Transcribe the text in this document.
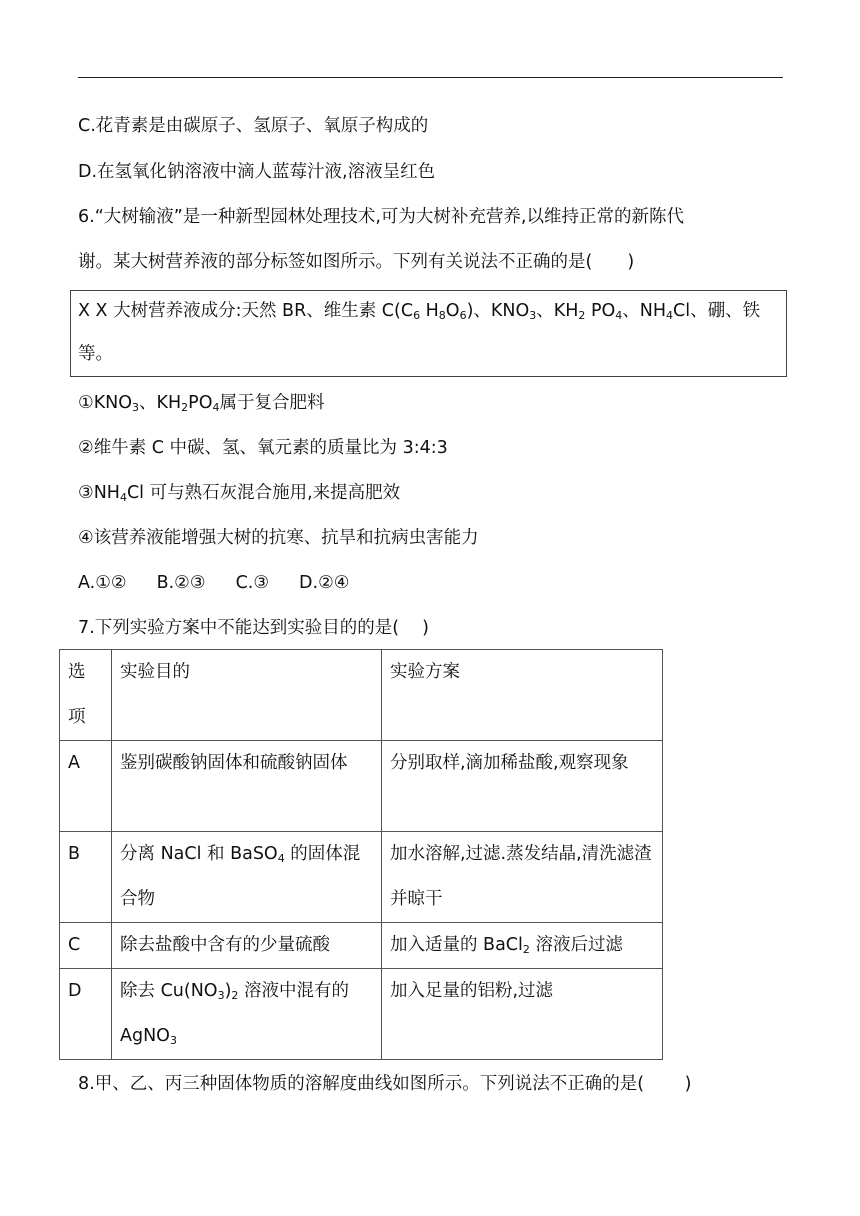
C.花青素是由碳原子、氢原子、氧原子构成的
D.在氢氧化钠溶液中滴人蓝莓汁液,溶液呈红色
6.“大树输液”是一种新型园林处理技术,可为大树补充营养,以维持正常的新陈代
谢。某大树营养液的部分标签如图所示。下列有关说法不正确的是(　　)
X X 大树营养液成分:天然 BR、维生素 $C(C_6$ $H_8O_6$)、$KNO_3$、$KH_2$ $PO_4$、$NH_4Cl$、硼、铁
等。
$①KNO_3$、$KH_2PO_4$属于复合肥料
②维牛素 C 中碳、氢、氧元素的质量比为 3:4:3
$③NH_4Cl$ 可与熟石灰混合施用,来提高肥效
④该营养液能增强大树的抗寒、抗旱和抗病虫害能力
A.①② B.②③ C.③ D.②④
7.下列实验方案中不能达到实验目的的是(　 )
选项	实验目的	实验方案
A	鉴别碳酸钠固体和硫酸钠固体	分别取样,滴加稀盐酸,观察现象
B	分离 NaCl 和 BaSO$_4$ 的固体混合物	加水溶解,过滤.蒸发结晶,清洗滤渣并晾干
C	除去盐酸中含有的少量硫酸	加入适量的 BaCl$_2$ 溶液后过滤
D	除去 $Cu(NO_3)_2$ 溶液中混有的 AgNO$_3$	加入足量的铝粉,过滤
8.甲、乙、丙三种固体物质的溶解度曲线如图所示。下列说法不正确的是(　　 )
